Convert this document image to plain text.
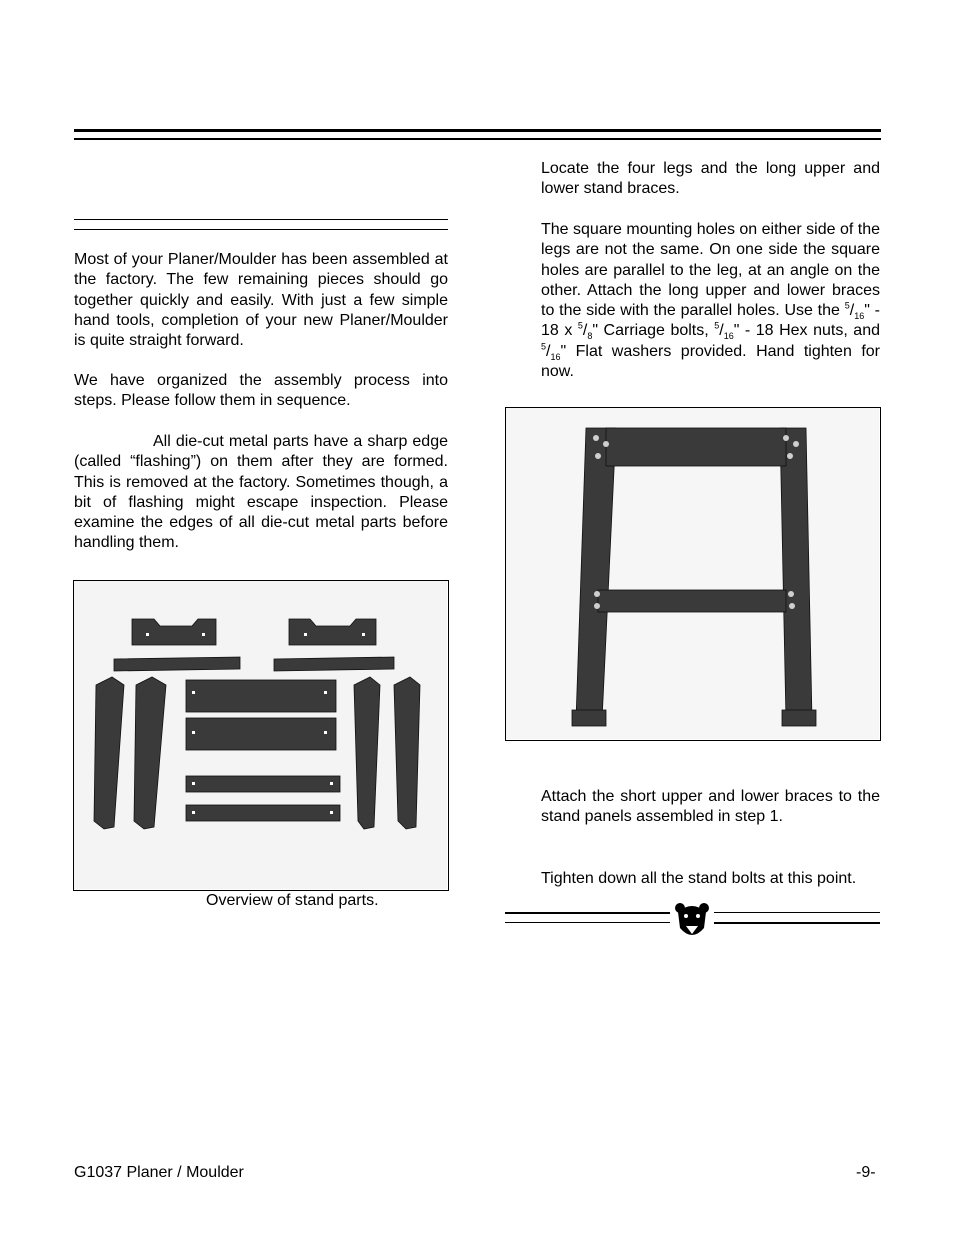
Most of your Planer/Moulder has been assembled at the factory. The few remaining pieces should go together quickly and easily. With just a few simple hand tools, completion of your new Planer/Moulder is quite straight forward.

We have organized the assembly process into steps. Please follow them in sequence.

All die-cut metal parts have a sharp edge (called “flashing”) on them after they are formed. This is removed at the factory. Sometimes though, a bit of flashing might escape inspection. Please examine the edges of all die-cut metal parts before handling them.

Overview of stand parts.

Locate the four legs and the long upper and lower stand braces.

The square mounting holes on either side of the legs are not the same. On one side the square holes are parallel to the leg, at an angle on the other. Attach the long upper and lower braces to the side with the parallel holes. Use the $^5/_{16}$" - 18 x $^5/_8$" Carriage bolts, $^5/_{16}$" - 18 Hex nuts, and $^5/_{16}$" Flat washers provided. Hand tighten for now.

Attach the short upper and lower braces to the stand panels assembled in step 1.

Tighten down all the stand bolts at this point.

G1037 Planer / Moulder	-9-
